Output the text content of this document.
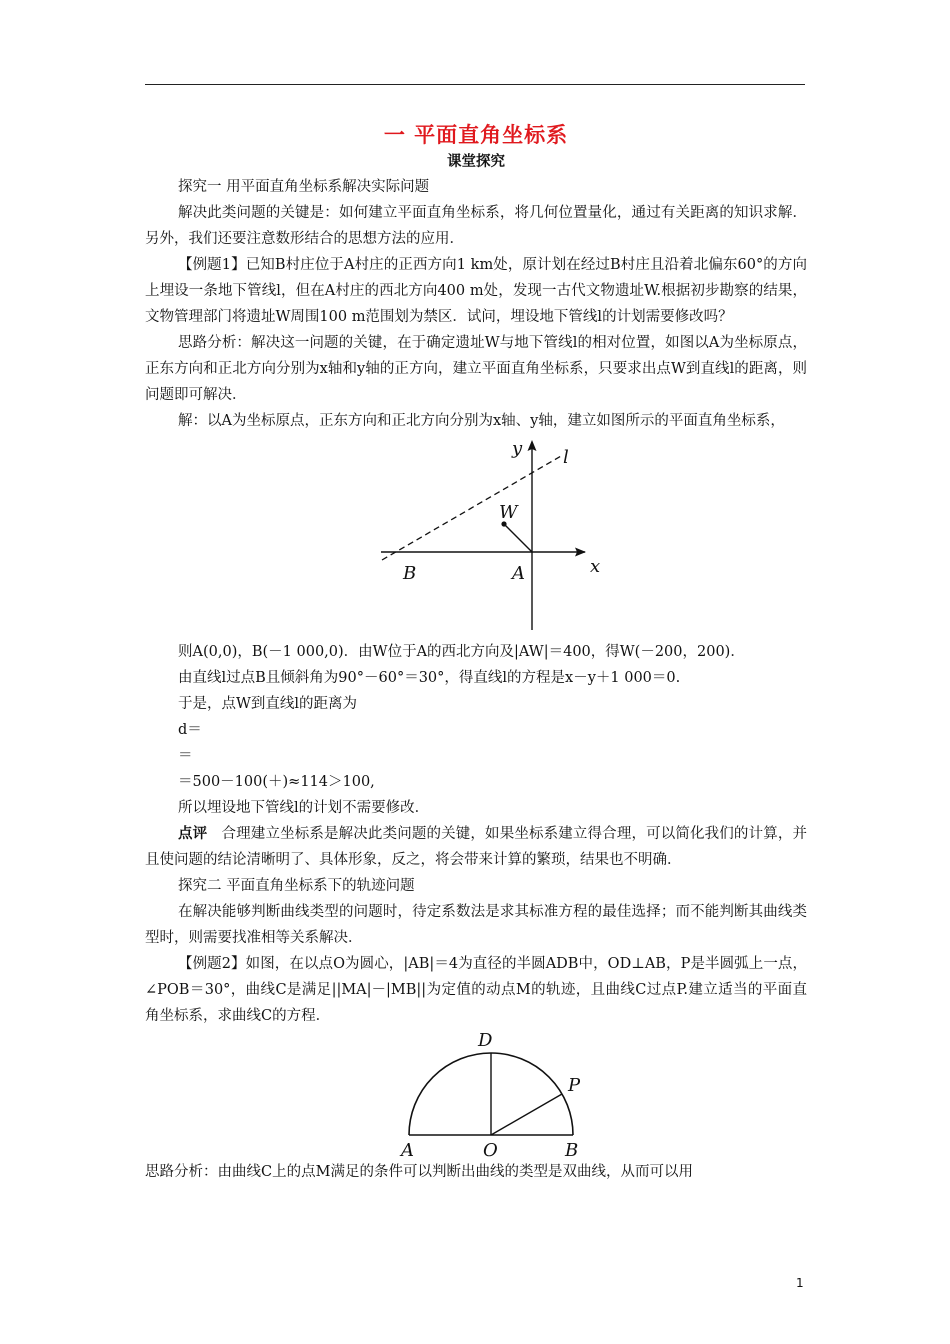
一 平面直角坐标系

课堂探究

探究一 用平面直角坐标系解决实际问题

解决此类问题的关键是：如何建立平面直角坐标系，将几何位置量化，通过有关距离的知识求解．另外，我们还要注意数形结合的思想方法的应用．

【例题1】已知B村庄位于A村庄的正西方向1 km处，原计划在经过B村庄且沿着北偏东60°的方向上埋设一条地下管线l，但在A村庄的西北方向400 m处，发现一古代文物遗址W.根据初步勘察的结果，文物管理部门将遗址W周围100 m范围划为禁区．试问，埋设地下管线l的计划需要修改吗？

思路分析：解决这一问题的关键，在于确定遗址W与地下管线l的相对位置，如图以A为坐标原点，正东方向和正北方向分别为x轴和y轴的正方向，建立平面直角坐标系，只要求出点W到直线l的距离，则问题即可解决．

解：以A为坐标原点，正东方向和正北方向分别为x轴、y轴，建立如图所示的平面直角坐标系，

y l
W
B	A	x

则A(0,0)，B(－1 000,0)．由W位于A的西北方向及|AW|＝400，得W(－200，200)．

由直线l过点B且倾斜角为90°－60°＝30°，得直线l的方程是x－y＋1 000＝0.

于是，点W到直线l的距离为

d＝

＝

＝500－100(＋)≈114＞100,

所以埋设地下管线l的计划不需要修改．

点评 合理建立坐标系是解决此类问题的关键，如果坐标系建立得合理，可以简化我们的计算，并且使问题的结论清晰明了、具体形象，反之，将会带来计算的繁琐，结果也不明确．

探究二 平面直角坐标系下的轨迹问题

在解决能够判断曲线类型的问题时，待定系数法是求其标准方程的最佳选择；而不能判断其曲线类型时，则需要找准相等关系解决．

【例题2】如图，在以点O为圆心，|AB|＝4为直径的半圆ADB中，OD⊥AB，P是半圆弧上一点，∠POB＝30°，曲线C是满足||MA|－|MB||为定值的动点M的轨迹，且曲线C过点P.建立适当的平面直角坐标系，求曲线C的方程．

D
P
A	O	B

思路分析：由曲线C上的点M满足的条件可以判断出曲线的类型是双曲线，从而可以用

1
